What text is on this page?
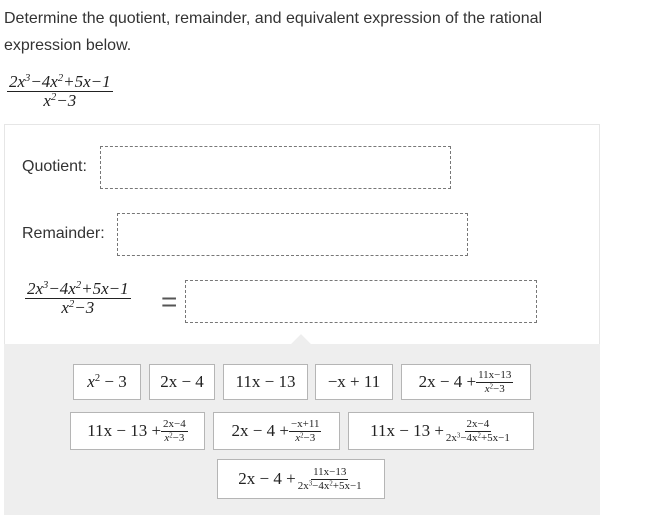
Determine the quotient, remainder, and equivalent expression of the rational expression below.
$\frac{2x^3-4x^2+5x-1}{x^2-3}$
Quotient:
Remainder:
$\frac{2x^3-4x^2+5x-1}{x^2-3}$ =
$x^2 - 3$ 2x − 4 11x − 13 −x + 11 $2x - 4 + \frac{11x-13}{x^2-3}$
$11x - 13 + \frac{2x-4}{x^2-3}$	$2x - 4 + \frac{-x+11}{x^2-3}$	$11x - 13 + \frac{2x-4}{2x^3-4x^2+5x-1}$
$2x - 4 + \frac{11x-13}{2x^3-4x^2+5x-1}$
